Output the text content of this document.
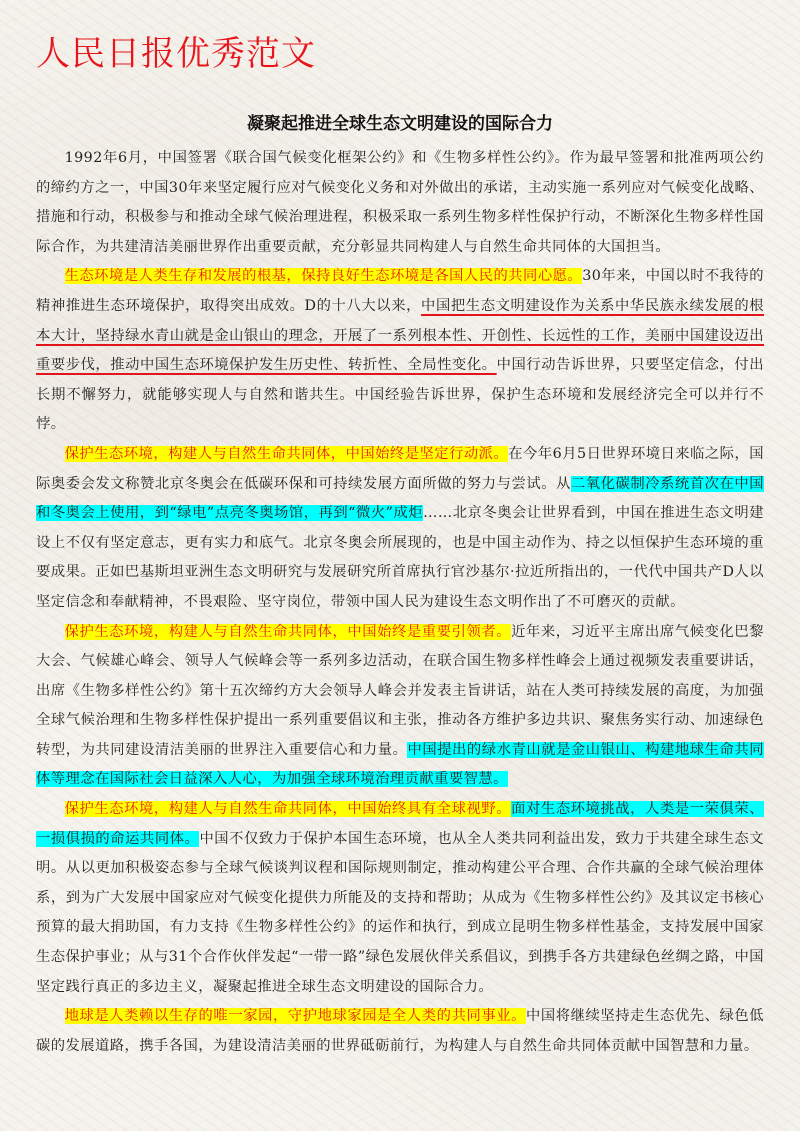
人民日报优秀范文
凝聚起推进全球生态文明建设的国际合力

1992年6月，中国签署《联合国气候变化框架公约》和《生物多样性公约》。作为最早签署和批准两项公约的缔约方之一，中国30年来坚定履行应对气候变化义务和对外做出的承诺，主动实施一系列应对气候变化战略、措施和行动，积极参与和推动全球气候治理进程，积极采取一系列生物多样性保护行动，不断深化生物多样性国际合作，为共建清洁美丽世界作出重要贡献，充分彰显共同构建人与自然生命共同体的大国担当。

生态环境是人类生存和发展的根基，保持良好生态环境是各国人民的共同心愿。30年来，中国以时不我待的精神推进生态环境保护，取得突出成效。D的十八大以来，中国把生态文明建设作为关系中华民族永续发展的根本大计，坚持绿水青山就是金山银山的理念，开展了一系列根本性、开创性、长远性的工作，美丽中国建设迈出重要步伐，推动中国生态环境保护发生历史性、转折性、全局性变化。中国行动告诉世界，只要坚定信念，付出长期不懈努力，就能够实现人与自然和谐共生。中国经验告诉世界，保护生态环境和发展经济完全可以并行不悖。

保护生态环境，构建人与自然生命共同体，中国始终是坚定行动派。在今年6月5日世界环境日来临之际，国际奥委会发文称赞北京冬奥会在低碳环保和可持续发展方面所做的努力与尝试。从二氧化碳制冷系统首次在中国和冬奥会上使用，到“绿电”点亮冬奥场馆，再到“微火”成炬……北京冬奥会让世界看到，中国在推进生态文明建设上不仅有坚定意志，更有实力和底气。北京冬奥会所展现的，也是中国主动作为、持之以恒保护生态环境的重要成果。正如巴基斯坦亚洲生态文明研究与发展研究所首席执行官沙基尔·拉近所指出的，一代代中国共产D人以坚定信念和奉献精神，不畏艰险、坚守岗位，带领中国人民为建设生态文明作出了不可磨灭的贡献。

保护生态环境，构建人与自然生命共同体，中国始终是重要引领者。近年来，习近平主席出席气候变化巴黎大会、气候雄心峰会、领导人气候峰会等一系列多边活动，在联合国生物多样性峰会上通过视频发表重要讲话，出席《生物多样性公约》第十五次缔约方大会领导人峰会并发表主旨讲话，站在人类可持续发展的高度，为加强全球气候治理和生物多样性保护提出一系列重要倡议和主张，推动各方维护多边共识、聚焦务实行动、加速绿色转型，为共同建设清洁美丽的世界注入重要信心和力量。中国提出的绿水青山就是金山银山、构建地球生命共同体等理念在国际社会日益深入人心，为加强全球环境治理贡献重要智慧。

保护生态环境，构建人与自然生命共同体，中国始终具有全球视野。面对生态环境挑战，人类是一荣俱荣、一损俱损的命运共同体。中国不仅致力于保护本国生态环境，也从全人类共同利益出发，致力于共建全球生态文明。从以更加积极姿态参与全球气候谈判议程和国际规则制定，推动构建公平合理、合作共赢的全球气候治理体系，到为广大发展中国家应对气候变化提供力所能及的支持和帮助；从成为《生物多样性公约》及其议定书核心预算的最大捐助国，有力支持《生物多样性公约》的运作和执行，到成立昆明生物多样性基金，支持发展中国家生态保护事业；从与31个合作伙伴发起“一带一路”绿色发展伙伴关系倡议，到携手各方共建绿色丝绸之路，中国坚定践行真正的多边主义，凝聚起推进全球生态文明建设的国际合力。

地球是人类赖以生存的唯一家园，守护地球家园是全人类的共同事业。中国将继续坚持走生态优先、绿色低碳的发展道路，携手各国，为建设清洁美丽的世界砥砺前行，为构建人与自然生命共同体贡献中国智慧和力量。
